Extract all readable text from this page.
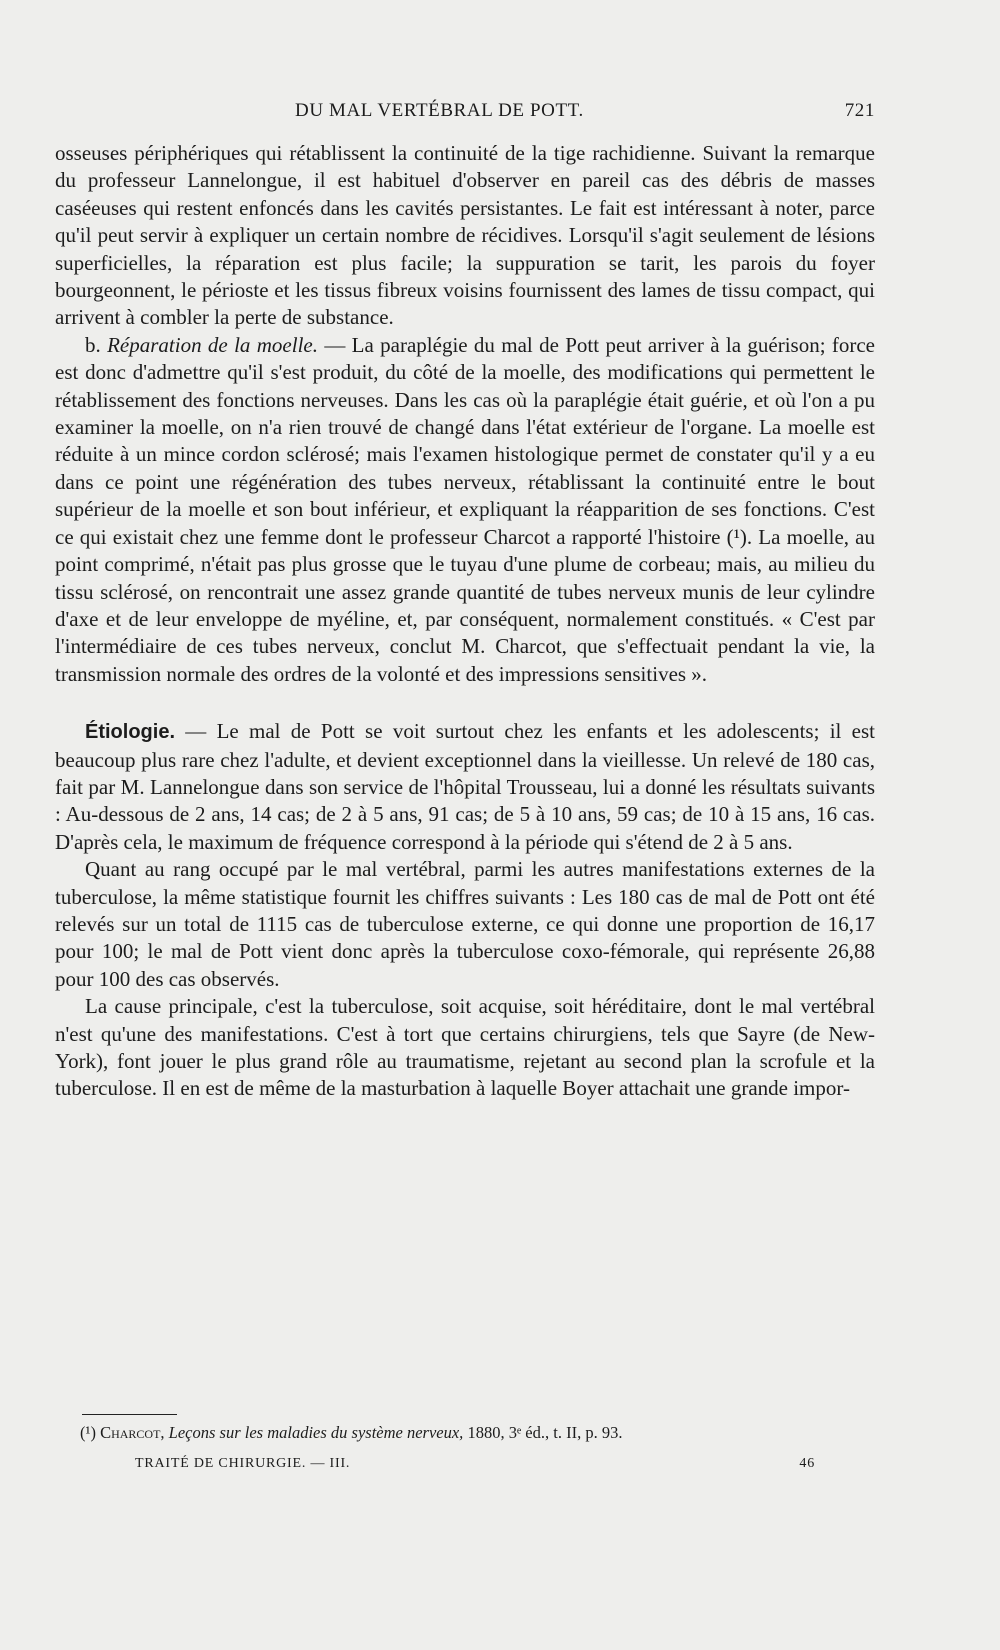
DU MAL VERTÉBRAL DE POTT.	721

osseuses périphériques qui rétablissent la continuité de la tige rachidienne. Suivant la remarque du professeur Lannelongue, il est habituel d'observer en pareil cas des débris de masses caséeuses qui restent enfoncés dans les cavités persistantes. Le fait est intéressant à noter, parce qu'il peut servir à expliquer un certain nombre de récidives. Lorsqu'il s'agit seulement de lésions superficielles, la réparation est plus facile; la suppuration se tarit, les parois du foyer bourgeonnent, le périoste et les tissus fibreux voisins fournissent des lames de tissu compact, qui arrivent à combler la perte de substance.

b. Réparation de la moelle. — La paraplégie du mal de Pott peut arriver à la guérison; force est donc d'admettre qu'il s'est produit, du côté de la moelle, des modifications qui permettent le rétablissement des fonctions nerveuses. Dans les cas où la paraplégie était guérie, et où l'on a pu examiner la moelle, on n'a rien trouvé de changé dans l'état extérieur de l'organe. La moelle est réduite à un mince cordon sclérosé; mais l'examen histologique permet de constater qu'il y a eu dans ce point une régénération des tubes nerveux, rétablissant la continuité entre le bout supérieur de la moelle et son bout inférieur, et expliquant la réapparition de ses fonctions. C'est ce qui existait chez une femme dont le professeur Charcot a rapporté l'histoire (¹). La moelle, au point comprimé, n'était pas plus grosse que le tuyau d'une plume de corbeau; mais, au milieu du tissu sclérosé, on rencontrait une assez grande quantité de tubes nerveux munis de leur cylindre d'axe et de leur enveloppe de myéline, et, par conséquent, normalement constitués. « C'est par l'intermédiaire de ces tubes nerveux, conclut M. Charcot, que s'effectuait pendant la vie, la transmission normale des ordres de la volonté et des impressions sensitives ».

Étiologie. — Le mal de Pott se voit surtout chez les enfants et les adolescents; il est beaucoup plus rare chez l'adulte, et devient exceptionnel dans la vieillesse. Un relevé de 180 cas, fait par M. Lannelongue dans son service de l'hôpital Trousseau, lui a donné les résultats suivants : Au-dessous de 2 ans, 14 cas; de 2 à 5 ans, 91 cas; de 5 à 10 ans, 59 cas; de 10 à 15 ans, 16 cas. D'après cela, le maximum de fréquence correspond à la période qui s'étend de 2 à 5 ans.

Quant au rang occupé par le mal vertébral, parmi les autres manifestations externes de la tuberculose, la même statistique fournit les chiffres suivants : Les 180 cas de mal de Pott ont été relevés sur un total de 1115 cas de tuberculose externe, ce qui donne une proportion de 16,17 pour 100; le mal de Pott vient donc après la tuberculose coxo-fémorale, qui représente 26,88 pour 100 des cas observés.

La cause principale, c'est la tuberculose, soit acquise, soit héréditaire, dont le mal vertébral n'est qu'une des manifestations. C'est à tort que certains chirurgiens, tels que Sayre (de New-York), font jouer le plus grand rôle au traumatisme, rejetant au second plan la scrofule et la tuberculose. Il en est de même de la masturbation à laquelle Boyer attachait une grande impor-

(¹) Charcot, Leçons sur les maladies du système nerveux, 1880, 3ᵉ éd., t. II, p. 93.
TRAITÉ DE CHIRURGIE. — III.	46
